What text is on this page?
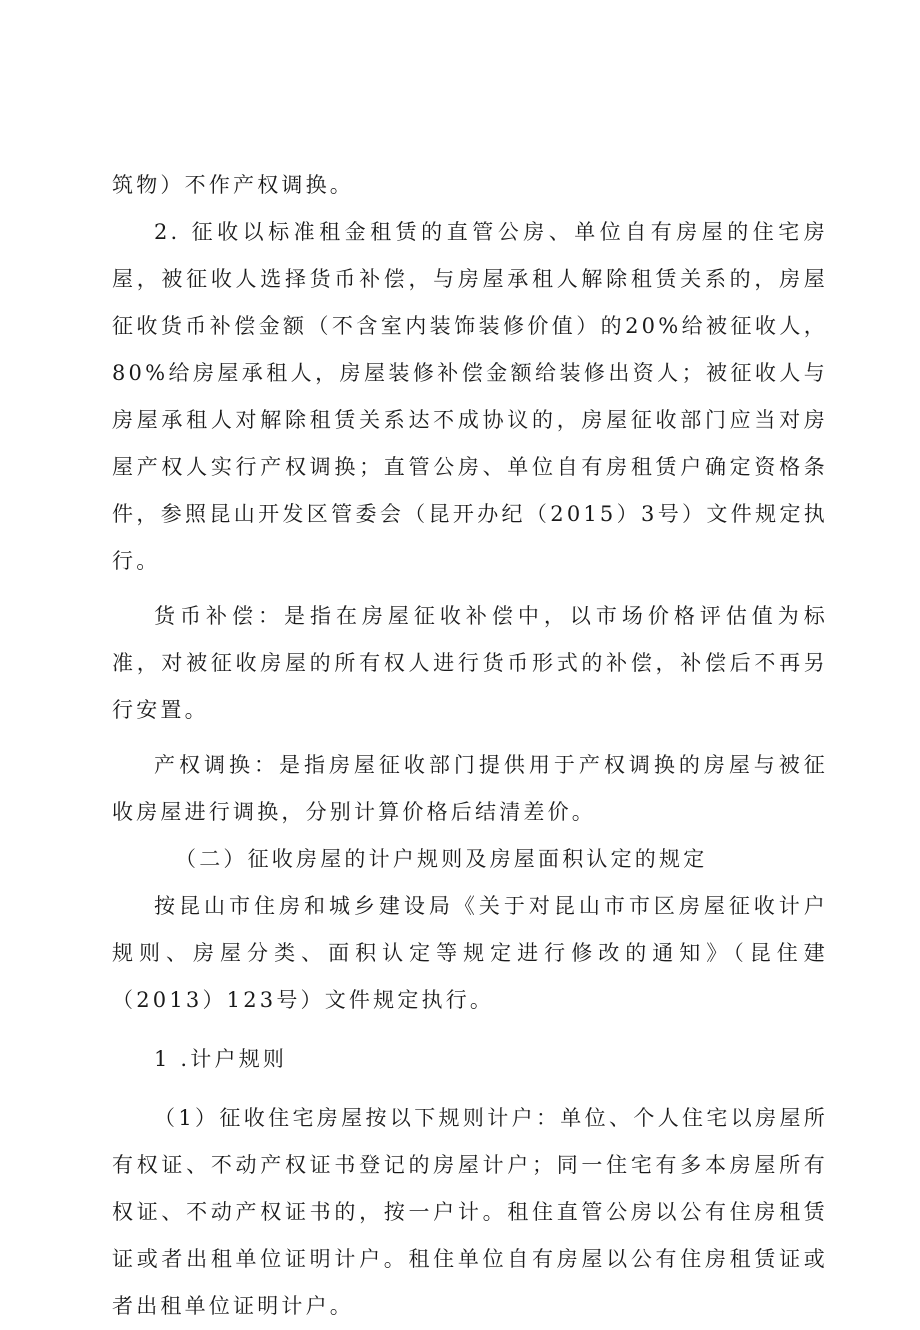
筑物）不作产权调换。

2. 征收以标准租金租赁的直管公房、单位自有房屋的住宅房屋，被征收人选择货币补偿，与房屋承租人解除租赁关系的，房屋征收货币补偿金额（不含室内装饰装修价值）的20%给被征收人，80%给房屋承租人，房屋装修补偿金额给装修出资人；被征收人与房屋承租人对解除租赁关系达不成协议的，房屋征收部门应当对房屋产权人实行产权调换；直管公房、单位自有房租赁户确定资格条件，参照昆山开发区管委会（昆开办纪（2015）3号）文件规定执行。

货币补偿：是指在房屋征收补偿中，以市场价格评估值为标准，对被征收房屋的所有权人进行货币形式的补偿，补偿后不再另行安置。

产权调换：是指房屋征收部门提供用于产权调换的房屋与被征收房屋进行调换，分别计算价格后结清差价。

（二）征收房屋的计户规则及房屋面积认定的规定

按昆山市住房和城乡建设局《关于对昆山市市区房屋征收计户规则、房屋分类、面积认定等规定进行修改的通知》（昆住建（2013）123号）文件规定执行。

1 .计户规则

（1）征收住宅房屋按以下规则计户：单位、个人住宅以房屋所有权证、不动产权证书登记的房屋计户；同一住宅有多本房屋所有权证、不动产权证书的，按一户计。租住直管公房以公有住房租赁证或者出租单位证明计户。租住单位自有房屋以公有住房租赁证或者出租单位证明计户。
